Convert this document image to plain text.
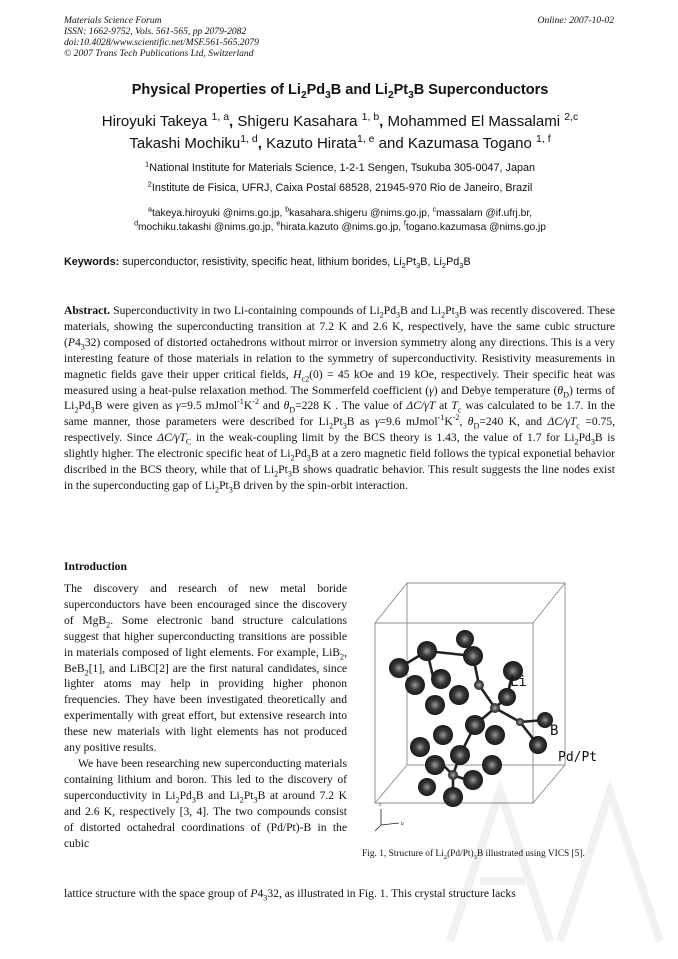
Materials Science Forum
ISSN: 1662-9752, Vols. 561-565, pp 2079-2082
doi:10.4028/www.scientific.net/MSF.561-565.2079
© 2007 Trans Tech Publications Ltd, Switzerland
Online: 2007-10-02
Physical Properties of $Li_2Pd_3B$ and $Li_2Pt_3B$ Superconductors
Hiroyuki Takeya $^{1, a}$, Shigeru Kasahara $^{1, b}$, Mohammed El Massalami $^{2,c}$
Takashi Mochiku$^{1, d}$, Kazuto Hirata$^{1, e}$ and Kazumasa Togano $^{1, f}$
$^1$National Institute for Materials Science, 1-2-1 Sengen, Tsukuba 305-0047, Japan
$^2$Institute de Fisica, UFRJ, Caixa Postal 68528, 21945-970 Rio de Janeiro, Brazil
$^a$takeya.hiroyuki @nims.go.jp, $^b$kasahara.shigeru @nims.go.jp, $^c$massalam @if.ufrj.br,
$^d$mochiku.takashi @nims.go.jp, $^e$hirata.kazuto @nims.go.jp, $^f$togano.kazumasa @nims.go.jp
Keywords: superconductor, resistivity, specific heat, lithium borides, $Li_2Pt_3B$, $Li_2Pd_3B$
Abstract. Superconductivity in two Li-containing compounds of $Li_2Pd_3B$ and $Li_2Pt_3B$ was recently discovered. These materials, showing the superconducting transition at 7.2 K and 2.6 K, respectively, have the same cubic structure $(P4_332)$ composed of distorted octahedrons without mirror or inversion symmetry along any directions. This is a very interesting feature of those materials in relation to the symmetry of superconductivity. Resistivity measurements in magnetic fields gave their upper critical fields, $H_{c2}(0) = 45$ kOe and 19 kOe, respectively. Their specific heat was measured using a heat-pulse relaxation method. The Sommerfeld coefficient (γ) and Debye temperature $(\theta_D)$ terms of $Li_2Pd_3B$ were given as γ=9.5 $mJmol^{-1}K^{-2}$ and $\theta_D=228$ K . The value of ΔC/γT at $T_c$ was calculated to be 1.7. In the same manner, those parameters were described for $Li_2Pt_3B$ as γ=9.6 $mJmol^{-1}K^{-2}$, $\theta_D=240$ K, and $\Delta C/\gamma T_c =0.75$, respectively. Since $\Delta C/\gamma T_C$ in the weak-coupling limit by the BCS theory is 1.43, the value of 1.7 for $Li_2Pd_3B$ is slightly higher. The electronic specific heat of $Li_2Pd_3B$ at a zero magnetic field follows the typical exponetial behavior discribed in the BCS theory, while that of $Li_2Pt_3B$ shows quadratic behavior. This result suggests the line nodes exist in the superconducting gap of $Li_2Pt_3B$ driven by the spin-orbit interaction.
Introduction

The discovery and research of new metal boride superconductors have been encouraged since the discovery of MgB$_2$. Some electronic band structure calculations suggest that higher superconducting transitions are possible in materials composed of light elements. For example, LiB$_2$, BeB$_2$[1], and LiBC[2] are the first natural candidates, since lighter atoms may help in providing higher phonon frequencies. They have been investigated theoretically and experimentally with great effort, but extensive research into these new materials with light elements has not produced any positive results.

We have been researching new superconducting materials containing lithium and boron. This led to the discovery of superconductivity in $Li_2Pd_3B$ and $Li_2Pt_3B$ at around 7.2 K and 2.6 K, respectively [3, 4]. The two compounds consist of distorted octahedral coordinations of (Pd/Pt)-B in the cubic

lattice structure with the space group of $P4_332$, as illustrated in Fig. 1. This crystal structure lacks
Li
B
Pd/Pt
c
b
Fig. 1, Structure of $Li_2(Pd/Pt)_3B$ illustrated using VICS [5].
